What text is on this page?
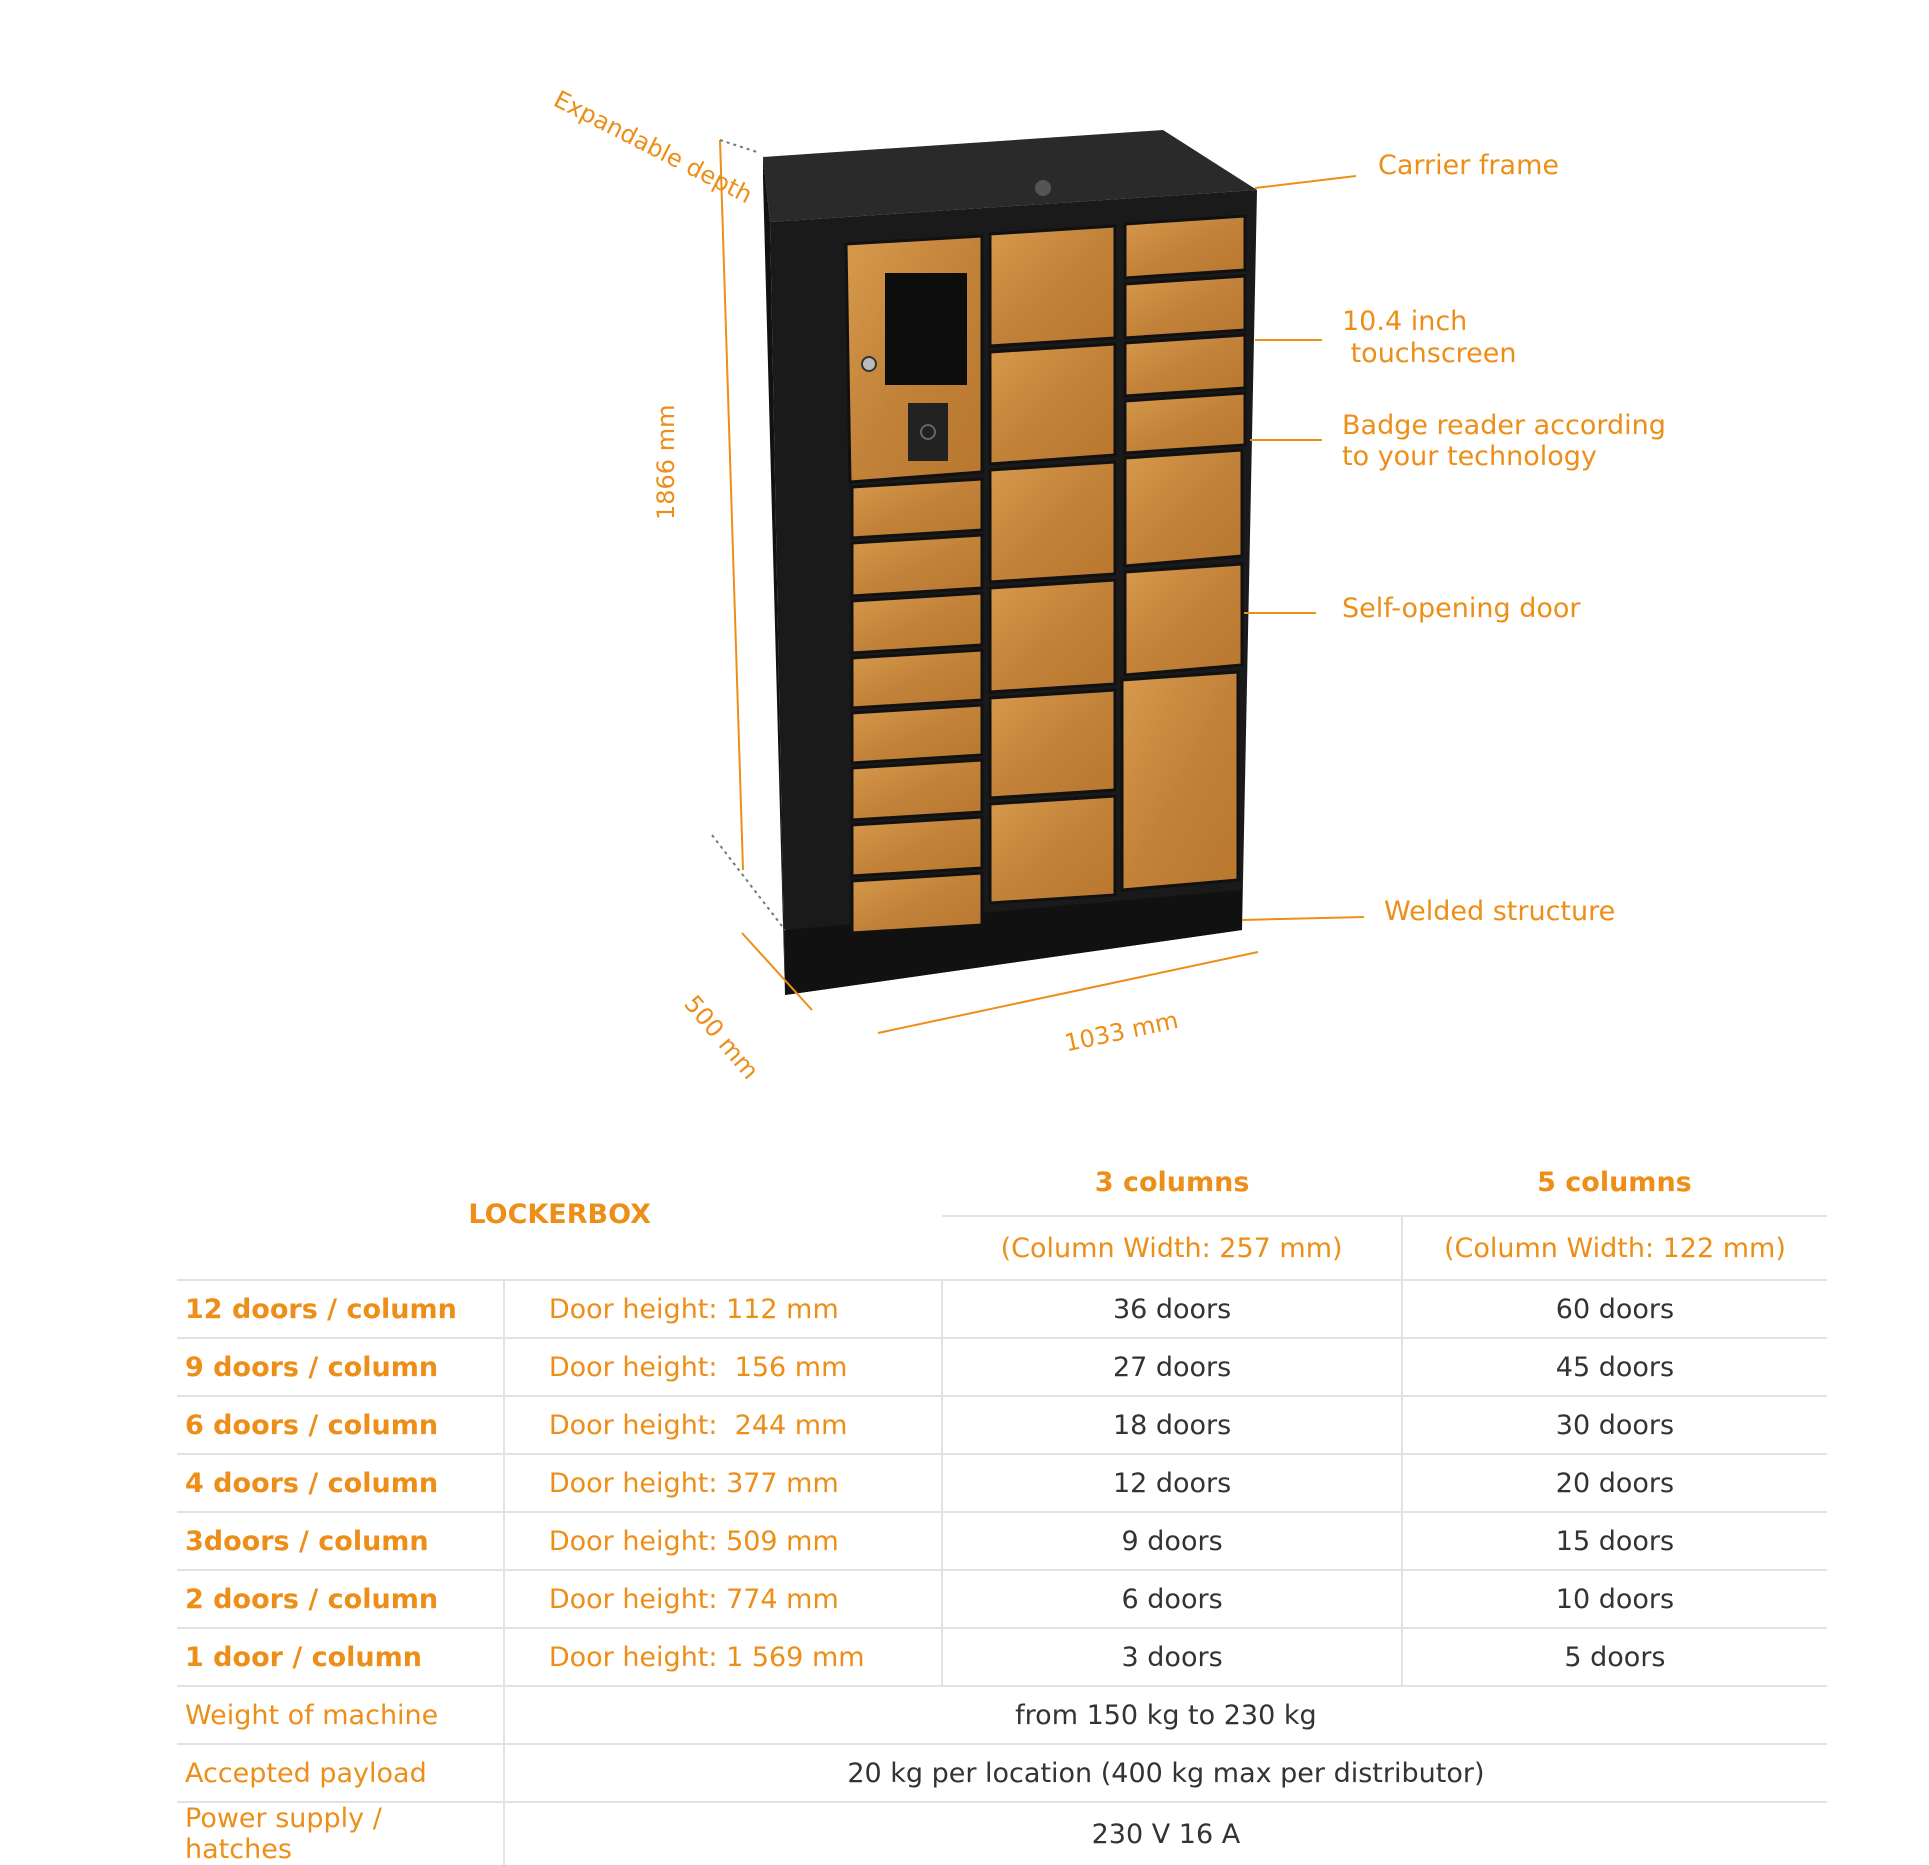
Expandable depth
1866 mm
500 mm	1033 mm
Carrier frame
10.4 inch
touchscreen
Badge reader according
to your technology
Self-opening door
Welded structure
LOCKERBOX		3 columns	5 columns
		(Column Width: 257 mm)	(Column Width: 122 mm)
12 doors / column	Door height: 112 mm	36 doors	60 doors
9 doors / column	Door height:  156 mm	27 doors	45 doors
6 doors / column	Door height:  244 mm	18 doors	30 doors
4 doors / column	Door height: 377 mm	12 doors	20 doors
3doors / column	Door height: 509 mm	9 doors	15 doors
2 doors / column	Door height: 774 mm	6 doors	10 doors
1 door / column	Door height: 1 569 mm	3 doors	5 doors
Weight of machine	from 150 kg to 230 kg		
Accepted payload	20 kg per location (400 kg max per distributor)		
Power supply / hatches	230 V 16 A		
